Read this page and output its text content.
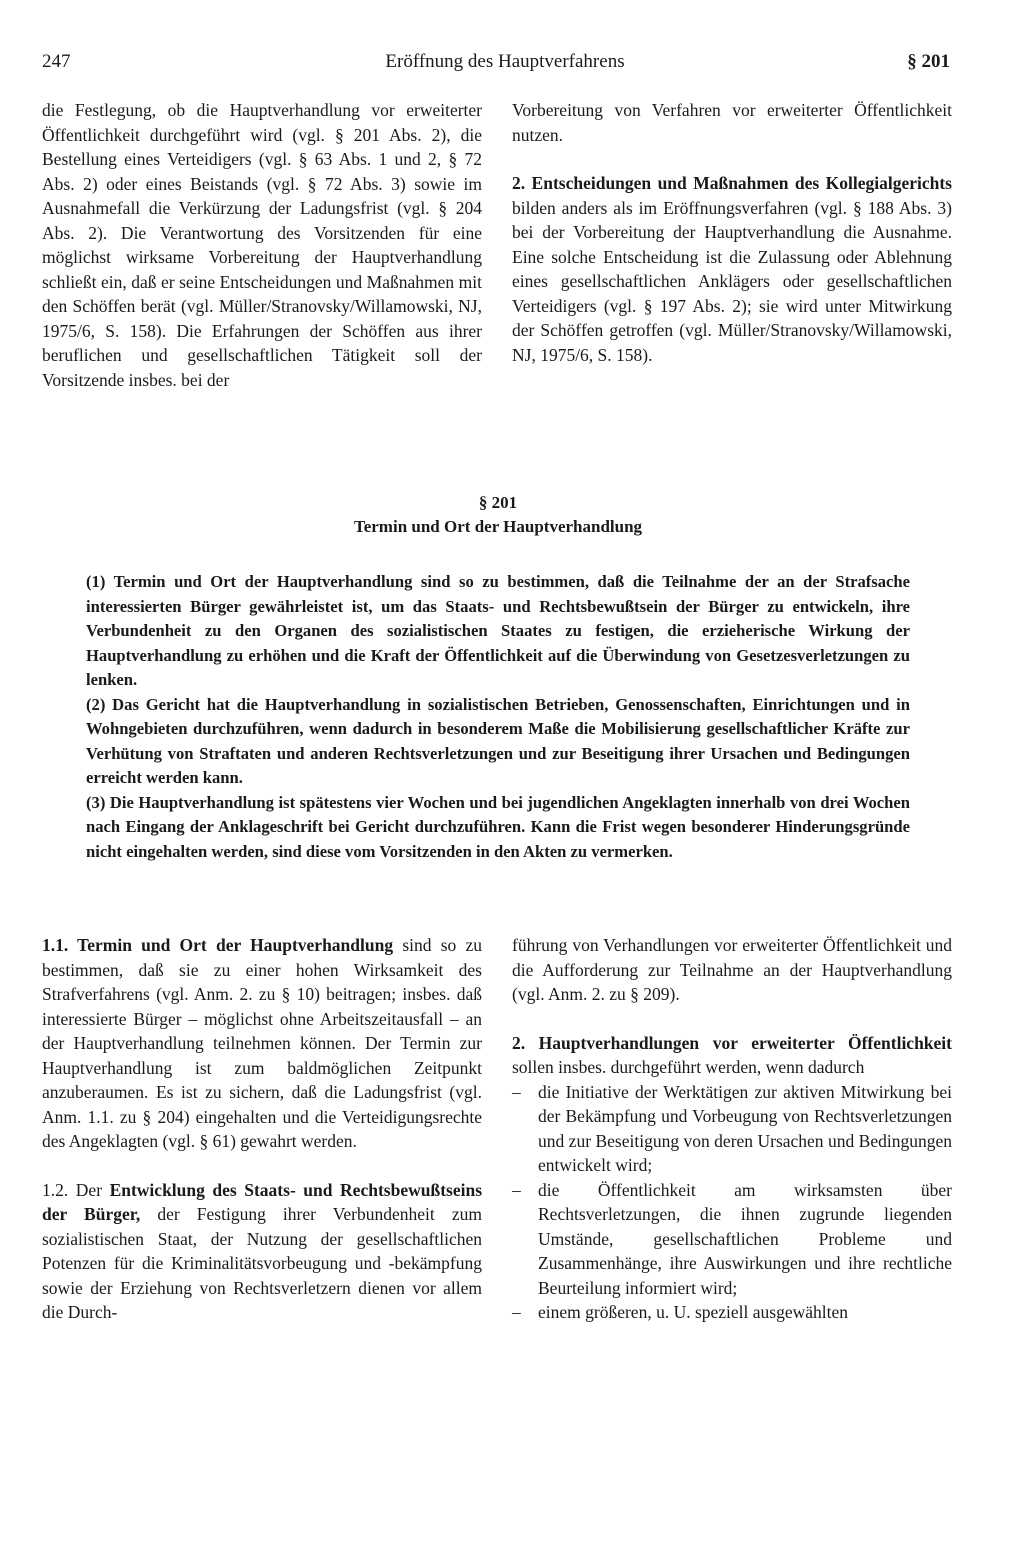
247	Eröffnung des Hauptverfahrens	§ 201

die Festlegung, ob die Hauptverhandlung vor erweiterter Öffentlichkeit durchgeführt wird (vgl. § 201 Abs. 2), die Bestellung eines Verteidigers (vgl. § 63 Abs. 1 und 2, § 72 Abs. 2) oder eines Beistands (vgl. § 72 Abs. 3) sowie im Ausnahmefall die Verkürzung der Ladungsfrist (vgl. § 204 Abs. 2). Die Verantwortung des Vorsitzenden für eine möglichst wirksame Vorbereitung der Hauptverhandlung schließt ein, daß er seine Entscheidungen und Maßnahmen mit den Schöffen berät (vgl. Müller/Stranovsky/Willamowski, NJ, 1975/6, S. 158). Die Erfahrungen der Schöffen aus ihrer beruflichen und gesellschaftlichen Tätigkeit soll der Vorsitzende insbes. bei der

Vorbereitung von Verfahren vor erweiterter Öffentlichkeit nutzen.

2. Entscheidungen und Maßnahmen des Kollegialgerichts bilden anders als im Eröffnungsverfahren (vgl. § 188 Abs. 3) bei der Vorbereitung der Hauptverhandlung die Ausnahme. Eine solche Entscheidung ist die Zulassung oder Ablehnung eines gesellschaftlichen Anklägers oder gesellschaftlichen Verteidigers (vgl. § 197 Abs. 2); sie wird unter Mitwirkung der Schöffen getroffen (vgl. Müller/Stranovsky/Willamowski, NJ, 1975/6, S. 158).

§ 201
Termin und Ort der Hauptverhandlung

(1) Termin und Ort der Hauptverhandlung sind so zu bestimmen, daß die Teilnahme der an der Strafsache interessierten Bürger gewährleistet ist, um das Staats- und Rechtsbewußtsein der Bürger zu entwickeln, ihre Verbundenheit zu den Organen des sozialistischen Staates zu festigen, die erzieherische Wirkung der Hauptverhandlung zu erhöhen und die Kraft der Öffentlichkeit auf die Überwindung von Gesetzesverletzungen zu lenken.

(2) Das Gericht hat die Hauptverhandlung in sozialistischen Betrieben, Genossenschaften, Einrichtungen und in Wohngebieten durchzuführen, wenn dadurch in besonderem Maße die Mobilisierung gesellschaftlicher Kräfte zur Verhütung von Straftaten und anderen Rechtsverletzungen und zur Beseitigung ihrer Ursachen und Bedingungen erreicht werden kann.

(3) Die Hauptverhandlung ist spätestens vier Wochen und bei jugendlichen Angeklagten innerhalb von drei Wochen nach Eingang der Anklageschrift bei Gericht durchzuführen. Kann die Frist wegen besonderer Hinderungsgründe nicht eingehalten werden, sind diese vom Vorsitzenden in den Akten zu vermerken.

1.1. Termin und Ort der Hauptverhandlung sind so zu bestimmen, daß sie zu einer hohen Wirksamkeit des Strafverfahrens (vgl. Anm. 2. zu § 10) beitragen; insbes. daß interessierte Bürger – möglichst ohne Arbeitszeitausfall – an der Hauptverhandlung teilnehmen können. Der Termin zur Hauptverhandlung ist zum baldmöglichen Zeitpunkt anzuberaumen. Es ist zu sichern, daß die Ladungsfrist (vgl. Anm. 1.1. zu § 204) eingehalten und die Verteidigungsrechte des Angeklagten (vgl. § 61) gewahrt werden.

1.2. Der Entwicklung des Staats- und Rechtsbewußtseins der Bürger, der Festigung ihrer Verbundenheit zum sozialistischen Staat, der Nutzung der gesellschaftlichen Potenzen für die Kriminalitätsvorbeugung und -bekämpfung sowie der Erziehung von Rechtsverletzern dienen vor allem die Durch-

führung von Verhandlungen vor erweiterter Öffentlichkeit und die Aufforderung zur Teilnahme an der Hauptverhandlung (vgl. Anm. 2. zu § 209).

2. Hauptverhandlungen vor erweiterter Öffentlichkeit sollen insbes. durchgeführt werden, wenn dadurch

– die Initiative der Werktätigen zur aktiven Mitwirkung bei der Bekämpfung und Vorbeugung von Rechtsverletzungen und zur Beseitigung von deren Ursachen und Bedingungen entwickelt wird;
– die Öffentlichkeit am wirksamsten über Rechtsverletzungen, die ihnen zugrunde liegenden Umstände, gesellschaftlichen Probleme und Zusammenhänge, ihre Auswirkungen und ihre rechtliche Beurteilung informiert wird;
– einem größeren, u. U. speziell ausgewählten
